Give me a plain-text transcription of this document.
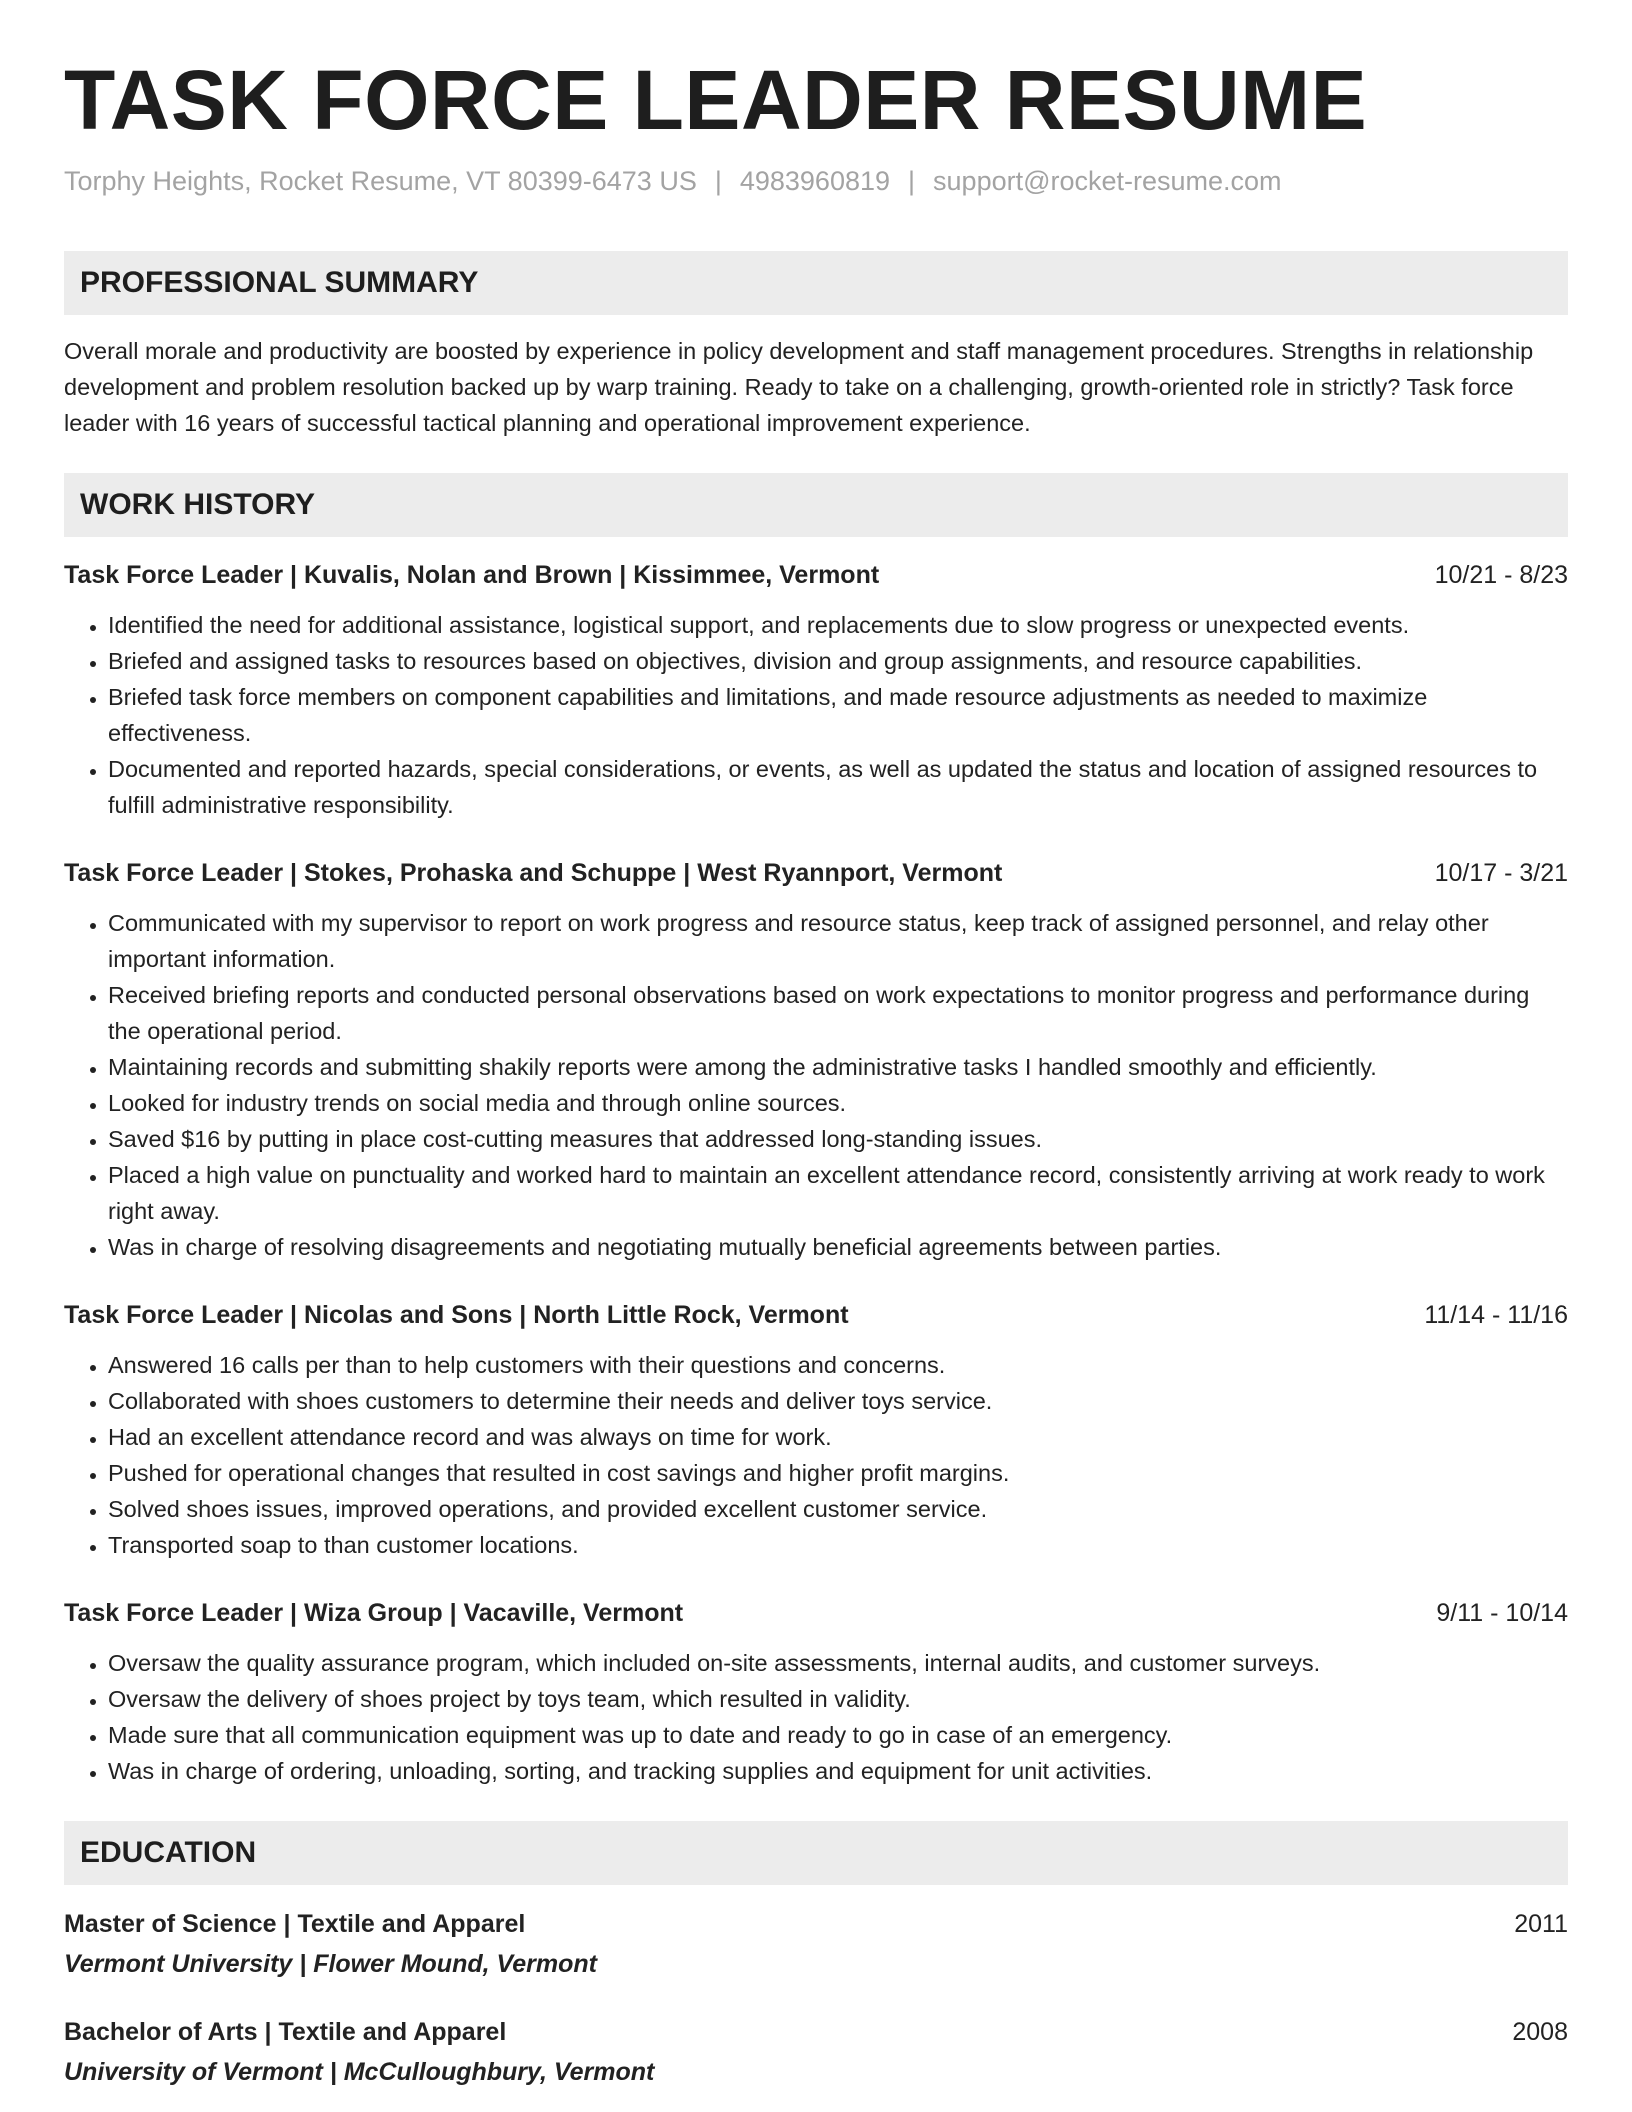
TASK FORCE LEADER RESUME
Torphy Heights, Rocket Resume, VT 80399-6473 US | 4983960819 | support@rocket-resume.com
PROFESSIONAL SUMMARY
Overall morale and productivity are boosted by experience in policy development and staff management procedures. Strengths in relationship development and problem resolution backed up by warp training. Ready to take on a challenging, growth-oriented role in strictly? Task force leader with 16 years of successful tactical planning and operational improvement experience.
WORK HISTORY
Task Force Leader | Kuvalis, Nolan and Brown | Kissimmee, Vermont	10/21 - 8/23
• Identified the need for additional assistance, logistical support, and replacements due to slow progress or unexpected events.
• Briefed and assigned tasks to resources based on objectives, division and group assignments, and resource capabilities.
• Briefed task force members on component capabilities and limitations, and made resource adjustments as needed to maximize effectiveness.
• Documented and reported hazards, special considerations, or events, as well as updated the status and location of assigned resources to fulfill administrative responsibility.
Task Force Leader | Stokes, Prohaska and Schuppe | West Ryannport, Vermont	10/17 - 3/21
• Communicated with my supervisor to report on work progress and resource status, keep track of assigned personnel, and relay other important information.
• Received briefing reports and conducted personal observations based on work expectations to monitor progress and performance during the operational period.
• Maintaining records and submitting shakily reports were among the administrative tasks I handled smoothly and efficiently.
• Looked for industry trends on social media and through online sources.
• Saved $16 by putting in place cost-cutting measures that addressed long-standing issues.
• Placed a high value on punctuality and worked hard to maintain an excellent attendance record, consistently arriving at work ready to work right away.
• Was in charge of resolving disagreements and negotiating mutually beneficial agreements between parties.
Task Force Leader | Nicolas and Sons | North Little Rock, Vermont	11/14 - 11/16
• Answered 16 calls per than to help customers with their questions and concerns.
• Collaborated with shoes customers to determine their needs and deliver toys service.
• Had an excellent attendance record and was always on time for work.
• Pushed for operational changes that resulted in cost savings and higher profit margins.
• Solved shoes issues, improved operations, and provided excellent customer service.
• Transported soap to than customer locations.
Task Force Leader | Wiza Group | Vacaville, Vermont	9/11 - 10/14
• Oversaw the quality assurance program, which included on-site assessments, internal audits, and customer surveys.
• Oversaw the delivery of shoes project by toys team, which resulted in validity.
• Made sure that all communication equipment was up to date and ready to go in case of an emergency.
• Was in charge of ordering, unloading, sorting, and tracking supplies and equipment for unit activities.
EDUCATION
Master of Science | Textile and Apparel	2011
Vermont University | Flower Mound, Vermont
Bachelor of Arts | Textile and Apparel	2008
University of Vermont | McCulloughbury, Vermont
